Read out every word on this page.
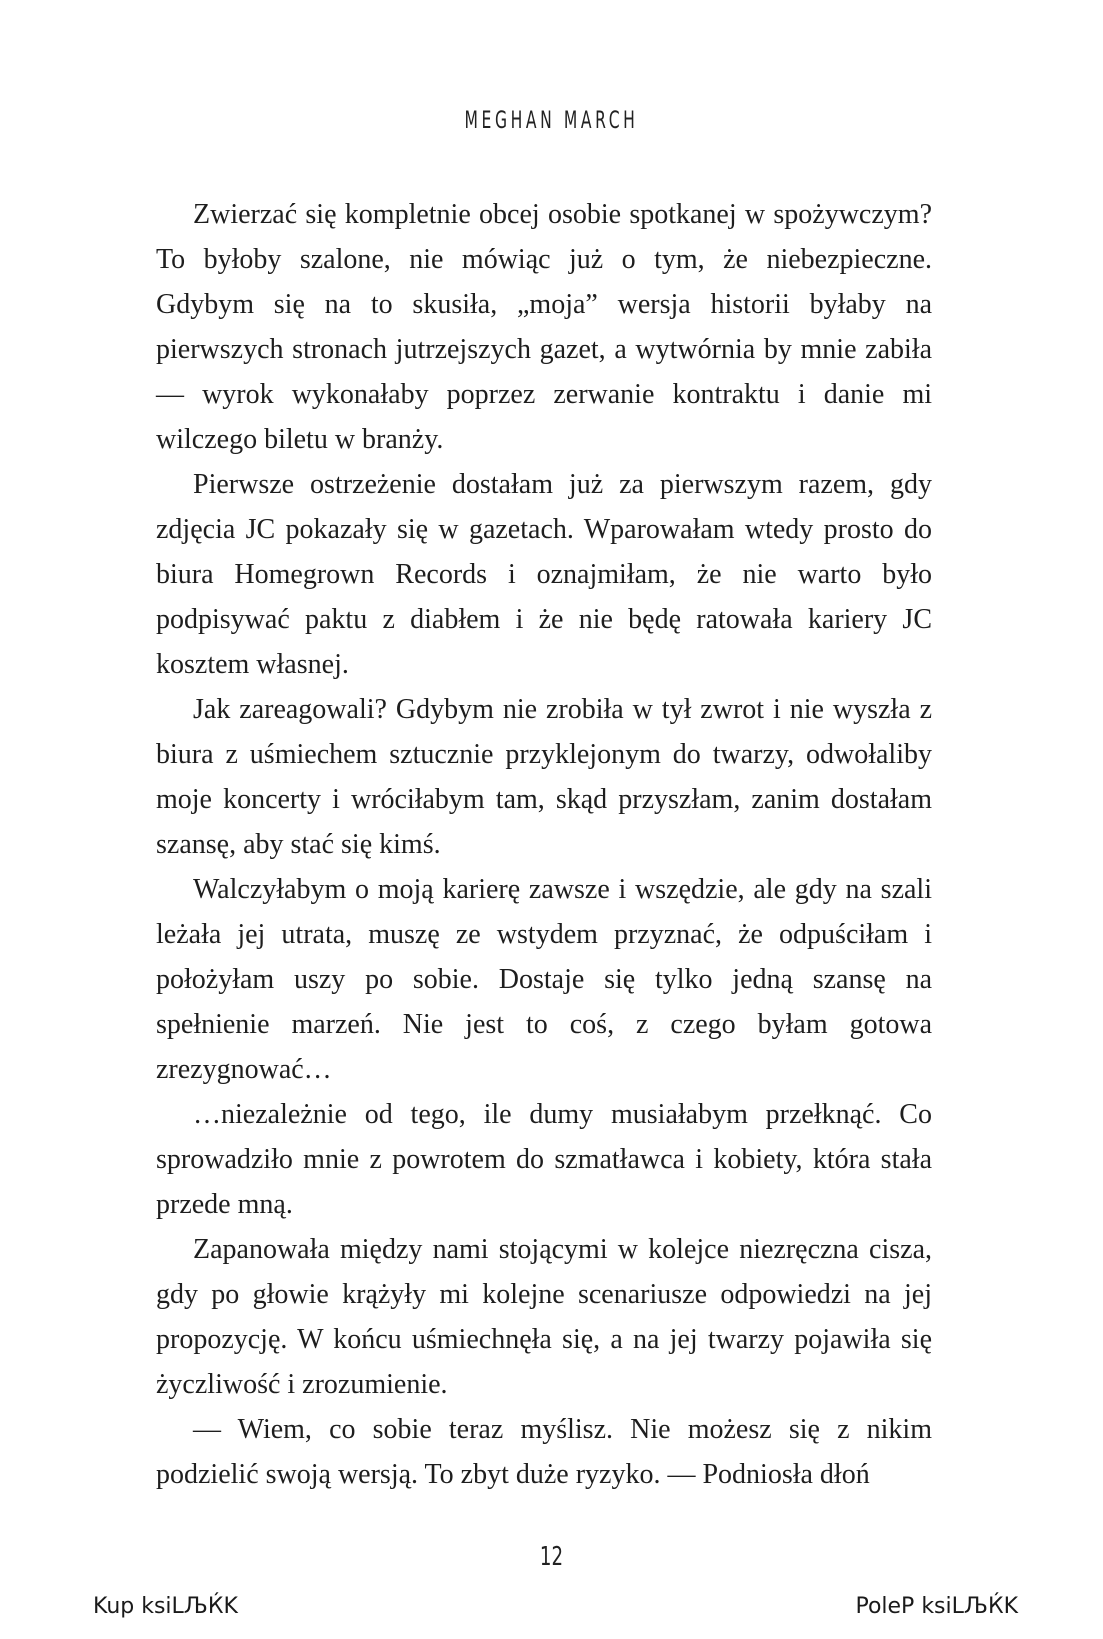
MEGHAN MARCH

Zwierzać się kompletnie obcej osobie spotkanej w spożywczym? To byłoby szalone, nie mówiąc już o tym, że niebezpieczne. Gdybym się na to skusiła, „moja” wersja historii byłaby na pierwszych stronach jutrzejszych gazet, a wytwórnia by mnie zabiła — wyrok wykonałaby poprzez zerwanie kontraktu i danie mi wilczego biletu w branży.

Pierwsze ostrzeżenie dostałam już za pierwszym razem, gdy zdjęcia JC pokazały się w gazetach. Wparowałam wtedy prosto do biura Homegrown Records i oznajmiłam, że nie warto było podpisywać paktu z diabłem i że nie będę ratowała kariery JC kosztem własnej.

Jak zareagowali? Gdybym nie zrobiła w tył zwrot i nie wyszła z biura z uśmiechem sztucznie przyklejonym do twarzy, odwołaliby moje koncerty i wróciłabym tam, skąd przyszłam, zanim dostałam szansę, aby stać się kimś.

Walczyłabym o moją karierę zawsze i wszędzie, ale gdy na szali leżała jej utrata, muszę ze wstydem przyznać, że odpuściłam i położyłam uszy po sobie. Dostaje się tylko jedną szansę na spełnienie marzeń. Nie jest to coś, z czego byłam gotowa zrezygnować…

…niezależnie od tego, ile dumy musiałabym przełknąć. Co sprowadziło mnie z powrotem do szmatławca i kobiety, która stała przede mną.

Zapanowała między nami stojącymi w kolejce niezręczna cisza, gdy po głowie krążyły mi kolejne scenariusze odpowiedzi na jej propozycję. W końcu uśmiechnęła się, a na jej twarzy pojawiła się życzliwość i zrozumienie.

— Wiem, co sobie teraz myślisz. Nie możesz się z nikim podzielić swoją wersją. To zbyt duże ryzyko. — Podniosła dłoń

12
Kup ksiLЉЌK	PoleP ksiLЉЌK
